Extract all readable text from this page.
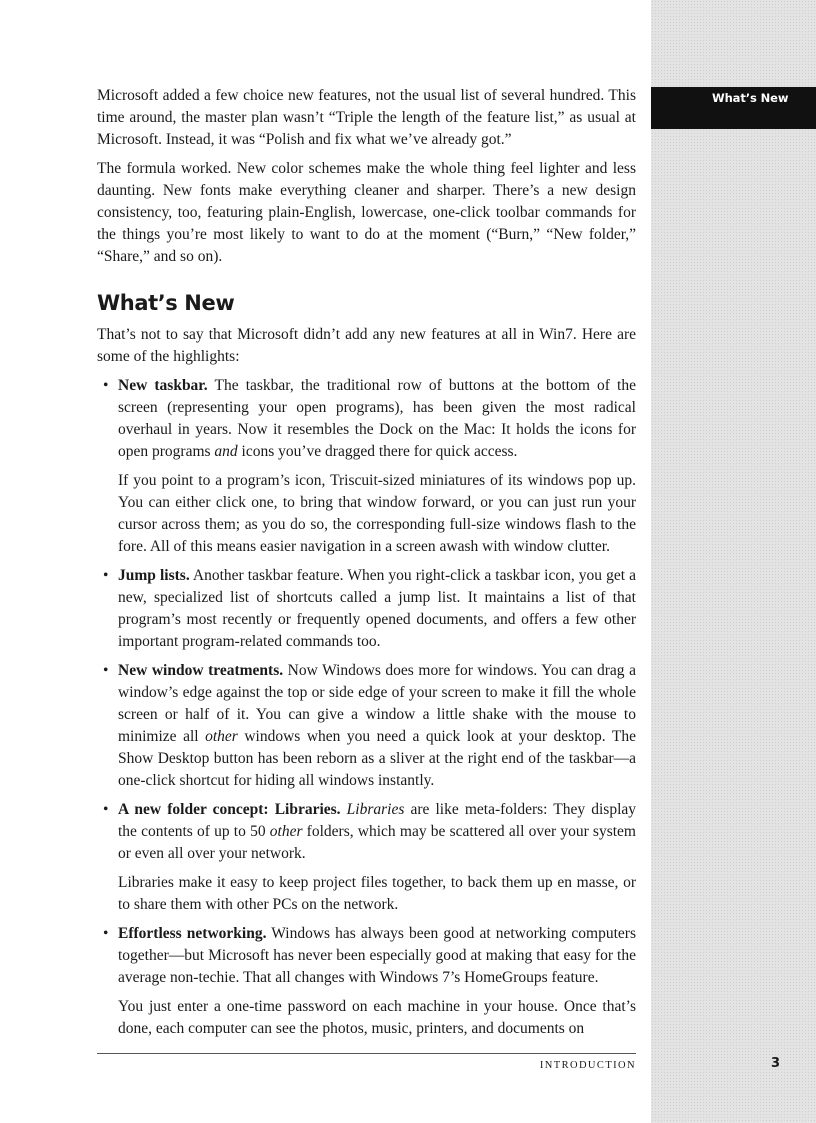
What’s New

Microsoft added a few choice new features, not the usual list of several hundred. This time around, the master plan wasn’t “Triple the length of the feature list,” as usual at Microsoft. Instead, it was “Polish and fix what we’ve already got.”

The formula worked. New color schemes make the whole thing feel lighter and less daunting. New fonts make everything cleaner and sharper. There’s a new design consistency, too, featuring plain-English, lowercase, one-click toolbar commands for the things you’re most likely to want to do at the moment (“Burn,” “New folder,” “Share,” and so on).

What’s New

That’s not to say that Microsoft didn’t add any new features at all in Win7. Here are some of the highlights:

• New taskbar. The taskbar, the traditional row of buttons at the bottom of the screen (representing your open programs), has been given the most radical overhaul in years. Now it resembles the Dock on the Mac: It holds the icons for open programs and icons you’ve dragged there for quick access.

If you point to a program’s icon, Triscuit-sized miniatures of its windows pop up. You can either click one, to bring that window forward, or you can just run your cursor across them; as you do so, the corresponding full-size windows flash to the fore. All of this means easier navigation in a screen awash with window clutter.

• Jump lists. Another taskbar feature. When you right-click a taskbar icon, you get a new, specialized list of shortcuts called a jump list. It maintains a list of that program’s most recently or frequently opened documents, and offers a few other important program-related commands too.

• New window treatments. Now Windows does more for windows. You can drag a window’s edge against the top or side edge of your screen to make it fill the whole screen or half of it. You can give a window a little shake with the mouse to minimize all other windows when you need a quick look at your desktop. The Show Desktop button has been reborn as a sliver at the right end of the taskbar—a one-click shortcut for hiding all windows instantly.

• A new folder concept: Libraries. Libraries are like meta-folders: They display the contents of up to 50 other folders, which may be scattered all over your system or even all over your network.

Libraries make it easy to keep project files together, to back them up en masse, or to share them with other PCs on the network.

• Effortless networking. Windows has always been good at networking computers together—but Microsoft has never been especially good at making that easy for the average non-techie. That all changes with Windows 7’s HomeGroups feature.

You just enter a one-time password on each machine in your house. Once that’s done, each computer can see the photos, music, printers, and documents on

INTRODUCTION	3
